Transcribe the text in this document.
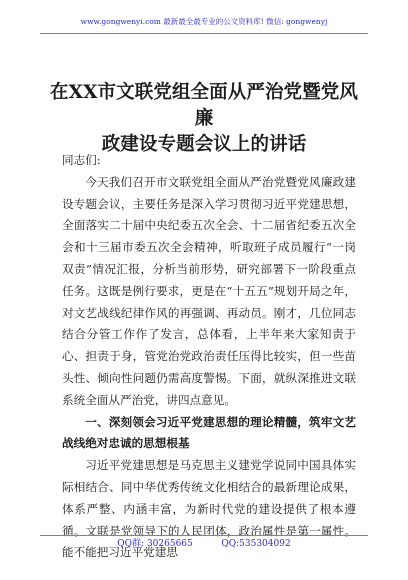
www.gongwenyi.com 最新最全最专业的公文资料库! 微信: gongwenyj
在XX市文联党组全面从严治党暨党风廉
政建设专题会议上的讲话

同志们:

今天我们召开市文联党组全面从严治党暨党风廉政建设专题会议，主要任务是深入学习贯彻习近平党建思想，全面落实二十届中央纪委五次全会、十二届省纪委五次全会和十三届市委五次全会精神，听取班子成员履行“一岗双责”情况汇报，分析当前形势，研究部署下一阶段重点任务。这既是例行要求，更是在“十五五”规划开局之年，对文艺战线纪律作风的再强调、再动员。刚才，几位同志结合分管工作作了发言，总体看，上半年来大家知责于心、担责于身，管党治党政治责任压得比较实，但一些苗头性、倾向性问题仍需高度警惕。下面，就纵深推进文联系统全面从严治党，讲四点意见。

一、深刻领会习近平党建思想的理论精髓，筑牢文艺战线绝对忠诚的思想根基

习近平党建思想是马克思主义建党学说同中国具体实际相结合、同中华优秀传统文化相结合的最新理论成果，体系严整、内涵丰富，为新时代党的建设提供了根本遵循。文联是党领导下的人民团体，政治属性是第一属性。能不能把习近平党建思

QQ群: 30265665          QQ:535304092
